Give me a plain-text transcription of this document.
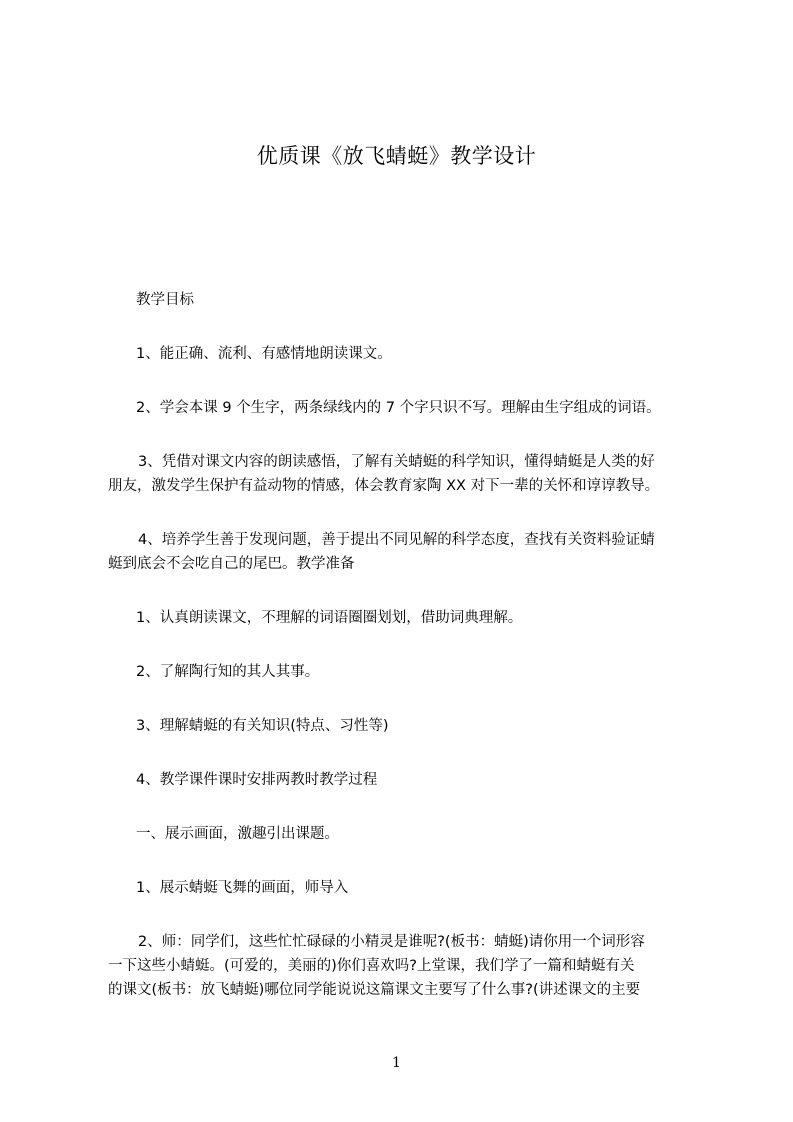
优质课《放飞蜻蜓》教学设计
教学目标
1、能正确、流利、有感情地朗读课文。
2、学会本课 9 个生字，两条绿线内的 7 个字只识不写。理解由生字组成的词语。
3、凭借对课文内容的朗读感悟，了解有关蜻蜓的科学知识，懂得蜻蜓是人类的好
朋友，激发学生保护有益动物的情感，体会教育家陶 XX 对下一辈的关怀和谆谆教导。
4、培养学生善于发现问题，善于提出不同见解的科学态度，查找有关资料验证蜻
蜓到底会不会吃自己的尾巴。教学准备
1、认真朗读课文，不理解的词语圈圈划划，借助词典理解。
2、了解陶行知的其人其事。
3、理解蜻蜓的有关知识(特点、习性等)
4、教学课件课时安排两教时教学过程
一、展示画面，激趣引出课题。
1、展示蜻蜓飞舞的画面，师导入
2、师：同学们，这些忙忙碌碌的小精灵是谁呢?(板书：蜻蜓)请你用一个词形容
一下这些小蜻蜓。(可爱的，美丽的)你们喜欢吗?上堂课，我们学了一篇和蜻蜓有关
的课文(板书：放飞蜻蜓)哪位同学能说说这篇课文主要写了什么事?(讲述课文的主要
1
